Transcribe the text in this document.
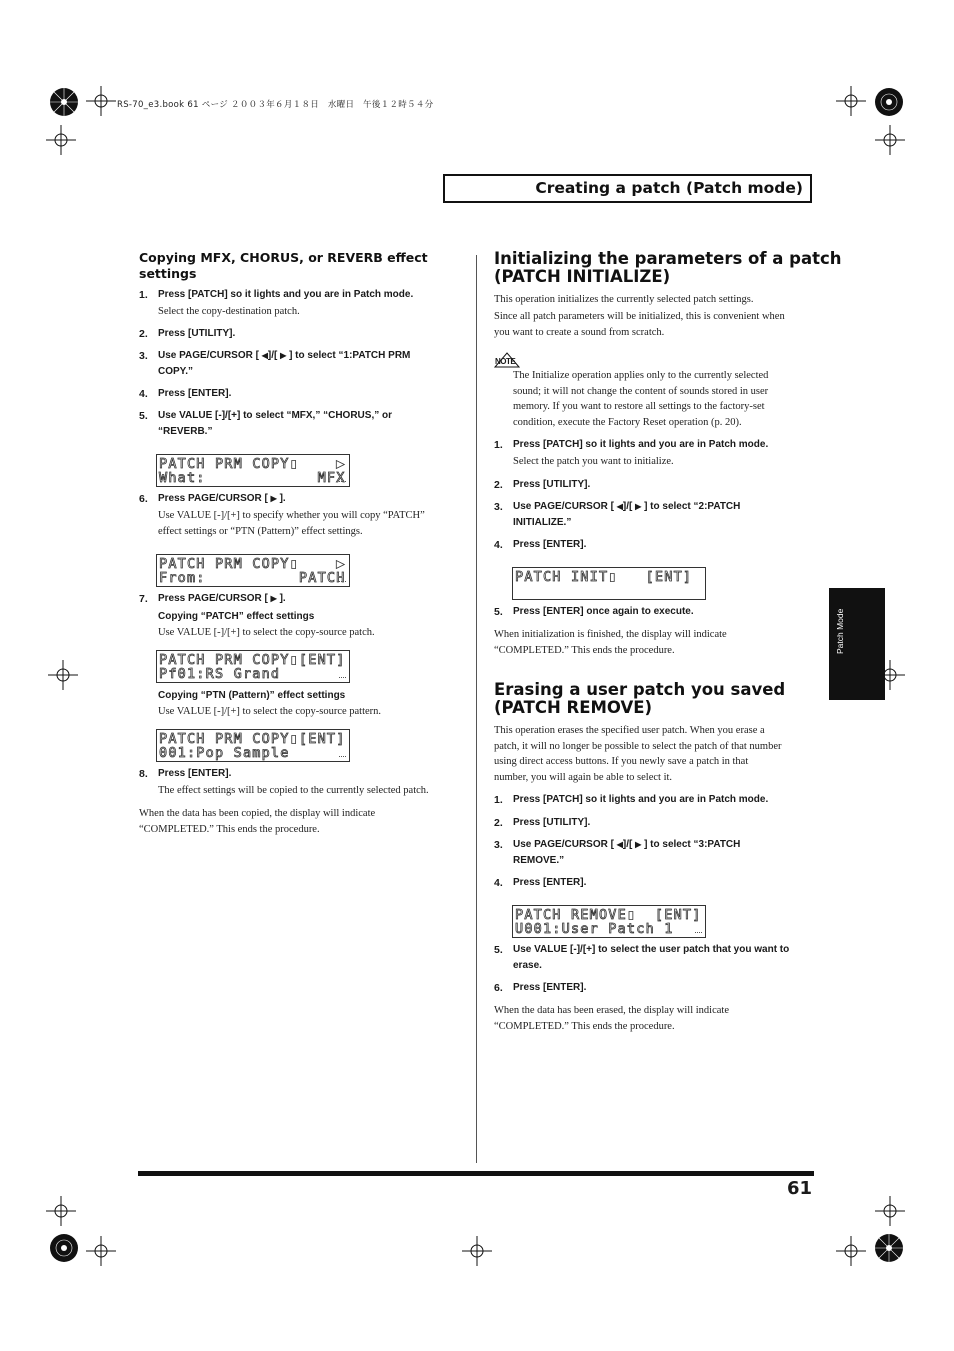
RS-70_e3.book 61 ページ ２００３年６月１８日　水曜日　午後１２時５４分
Creating a patch (Patch mode)
Patch Mode
Copying MFX, CHORUS, or REVERB effect settings
1. Press [PATCH] so it lights and you are in Patch mode.
Select the copy-destination patch.
2. Press [UTILITY].
3. Use PAGE/CURSOR [ ◀]/[ ▶ ] to select “1:PATCH PRM
COPY.”
4. Press [ENTER].
5. Use VALUE [-]/[+] to select “MFX,” “CHORUS,” or
“REVERB.”
PATCH PRM COPY▮    ▶
What:            MFX
6. Press PAGE/CURSOR [ ▶ ].
Use VALUE [-]/[+] to specify whether you will copy “PATCH”
effect settings or “PTN (Pattern)” effect settings.
PATCH PRM COPY▮    ▶
From:          PATCH
7. Press PAGE/CURSOR [ ▶ ].
Copying “PATCH” effect settings
Use VALUE [-]/[+] to select the copy-source patch.
PATCH PRM COPY▮[ENT]
Pf01:RS Grand
Copying “PTN (Pattern)” effect settings
Use VALUE [-]/[+] to select the copy-source pattern.
PATCH PRM COPY▮[ENT]
001:Pop Sample
8. Press [ENTER].
The effect settings will be copied to the currently selected patch.
When the data has been copied, the display will indicate
“COMPLETED.” This ends the procedure.
Initializing the parameters of a patch
(PATCH INITIALIZE)
This operation initializes the currently selected patch settings.
Since all patch parameters will be initialized, this is convenient when
you want to create a sound from scratch.
NOTE
The Initialize operation applies only to the currently selected
sound; it will not change the content of sounds stored in user
memory. If you want to restore all settings to the factory-set
condition, execute the Factory Reset operation (p. 20).
1. Press [PATCH] so it lights and you are in Patch mode.
Select the patch you want to initialize.
2. Press [UTILITY].
3. Use PAGE/CURSOR [ ◀]/[ ▶ ] to select “2:PATCH
INITIALIZE.”
4. Press [ENTER].
PATCH INIT▮   [ENT]
5. Press [ENTER] once again to execute.
When initialization is finished, the display will indicate
“COMPLETED.” This ends the procedure.
Erasing a user patch you saved
(PATCH REMOVE)
This operation erases the specified user patch. When you erase a
patch, it will no longer be possible to select the patch of that number
using direct access buttons. If you newly save a patch in that
number, you will again be able to select it.
1. Press [PATCH] so it lights and you are in Patch mode.
2. Press [UTILITY].
3. Use PAGE/CURSOR [ ◀]/[ ▶ ] to select “3:PATCH
REMOVE.”
4. Press [ENTER].
PATCH REMOVE▮  [ENT]
U001:User Patch 1
5. Use VALUE [-]/[+] to select the user patch that you want to
erase.
6. Press [ENTER].
When the data has been erased, the display will indicate
“COMPLETED.” This ends the procedure.
61
